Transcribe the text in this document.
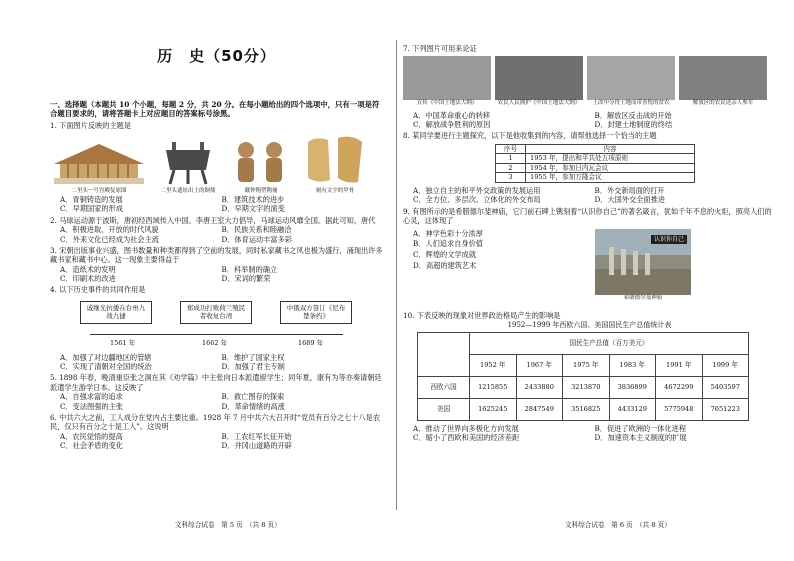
历　史（50分）
一、选择题（本题共 10 个小题，每题 2 分，共 20 分。在每小题给出的四个选项中，只有一项是符合题目要求的，请将答题卡上对应题目的答案标号涂黑。
1. 下面图片反映的主题是
二里头一号宫殿复原图	二里头遗址出土的铜鼎	戴钟陶塑陶俑	刻有文字的甲骨
A．青铜铸造的发展	B．建筑技术的进步
C．早期国家的形成	D．早期文字的演变
2. 马球运动源于波斯，唐初经西域传入中国。李唐王室大力倡导，马球运动风靡全国。据此可知，唐代
A．积极进取、开放的时代风貌	B．民族关系和睦融洽
C．外来文化已经成为社会主流	D．体育运动丰富多彩
3. 宋朝出版事业兴盛，图书数量和种类都得到了空前的发展，同时私家藏书之风也极为盛行，涌现出许多藏书家和藏书中心。这一现象主要得益于
A．造纸术的发明	B．科举制的确立
C．印刷术的改进	D．宋词的繁荣
4. 以下历史事件的共同作用是
戚继光抗倭在台州九战九捷
郑成功打败荷兰殖民者收复台湾
中俄双方签订《尼布楚条约》
1561 年	1662 年	1689 年
A．加强了对边疆地区的管辖	B．维护了国家主权
C．实现了清朝对全国的统治	D．加强了君主专制
5. 1898 年春，晚清重臣张之洞在其《劝学篇》中主张向日本派遣留学生；同年夏，康有为等亦奏请朝廷派遣学生游学日本。这反映了
A．自强求富的追求	B．救亡图存的探索
C．变法图强的主张	D．革命情绪的高涨
6. 中共六大之前，工人成分在党内占主要比重。1928 年 7 月中共六大召开时“党员有百分之七十八是农民，仅只有百分之十是工人”。这说明
A．农民觉悟的提高	B．工农红军长征开始
C．社会矛盾的变化	D．井冈山道路的开辟
文科综合试卷　第 5 页　（共 8 页）
7. 下列图片可用来论证
宣传《中国土地法大纲》	农民人民拥护《中国土地法大纲》	土改中分得土地而带喜悦的贫农	解放区的农民送亲人参军
A．中国革命重心的转移	B．解放区反击战的开始
C．解放战争胜利的原因	D．封建土地制度的终结
8. 某同学要进行主题探究，以下是他收集到的内容，请帮他选择一个恰当的主题
序号	内容
1	1953 年，提出和平共处五项原则
2	1954 年，参加日内瓦会议
3	1955 年，参加万隆会议
A．独立自主的和平外交政策的发展运用	B．外交新局面的打开
C．全方位、多层次、立体化的外交布局	D．大国外交全面推进
9. 有图所示的是希腊德尔斐神庙，它门前石碑上镌刻着“认识你自己”的著名箴言，犹如千年不息的火炬，照亮人们的心灵，这体现了
A．神学色彩十分浓厚
B．人们追求自身价值
C．辉煌的文学成就
D．高超的建筑艺术
认识你自己
希腊德尔斐神庙
10. 下表反映的现象对世界政治格局产生的影响是
1952—1999 年西欧六国、美国国民生产总值统计表
	国民生产总值（百万美元）					
	1952 年	1967 年	1975 年	1983 年	1991 年	1999 年
西欧六国	1215855	2433880	3213870	3836899	4672299	5403597
美国	1625245	2847549	3516825	4433129	5775948	7651223
A．推动了世界向多极化方向发展	B．促进了欧洲的一体化进程
C．缩小了西欧和美国的经济差距	D．加速资本主义制度的扩展
文科综合试卷　第 6 页　（共 8 页）
